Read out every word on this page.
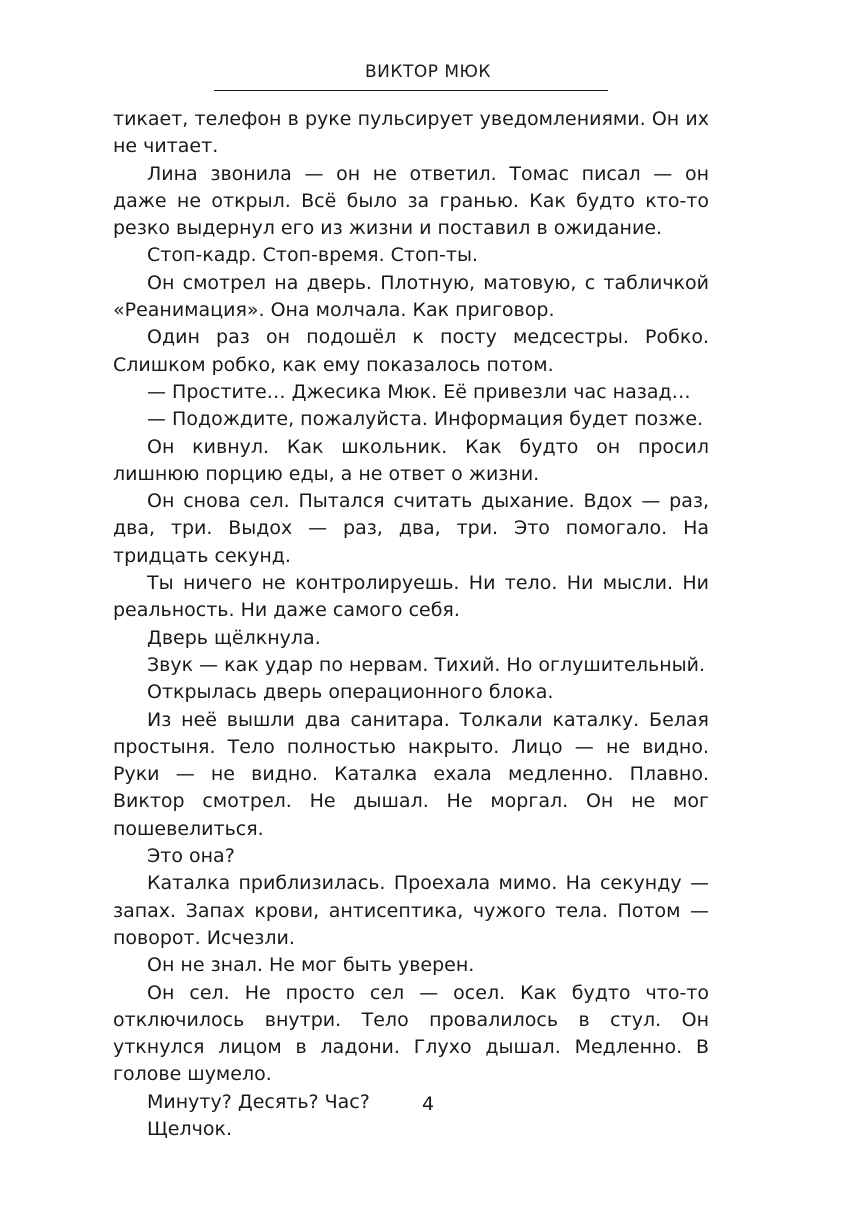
ВИКТОР МЮК

тикает, телефон в руке пульсирует уведомлениями. Он их не читает.

Лина звонила — он не ответил. Томас писал — он даже не открыл. Всё было за гранью. Как будто кто-то резко выдернул его из жизни и поставил в ожидание.

Стоп-кадр. Стоп-время. Стоп-ты.

Он смотрел на дверь. Плотную, матовую, с табличкой «Реанимация». Она молчала. Как приговор.

Один раз он подошёл к посту медсестры. Робко. Слишком робко, как ему показалось потом.

— Простите… Джесика Мюк. Её привезли час назад…

— Подождите, пожалуйста. Информация будет позже.

Он кивнул. Как школьник. Как будто он просил лишнюю порцию еды, а не ответ о жизни.

Он снова сел. Пытался считать дыхание. Вдох — раз, два, три. Выдох — раз, два, три. Это помогало. На тридцать секунд.

Ты ничего не контролируешь. Ни тело. Ни мысли. Ни реальность. Ни даже самого себя.

Дверь щёлкнула.

Звук — как удар по нервам. Тихий. Но оглушительный.

Открылась дверь операционного блока.

Из неё вышли два санитара. Толкали каталку. Белая простыня. Тело полностью накрыто. Лицо — не видно. Руки — не видно. Каталка ехала медленно. Плавно. Виктор смотрел. Не дышал. Не моргал. Он не мог пошевелиться.

Это она?

Каталка приблизилась. Проехала мимо. На секунду — запах. Запах крови, антисептика, чужого тела. Потом — поворот. Исчезли.

Он не знал. Не мог быть уверен.

Он сел. Не просто сел — осел. Как будто что-то отключилось внутри. Тело провалилось в стул. Он уткнулся лицом в ладони. Глухо дышал. Медленно. В голове шумело.

Минуту? Десять? Час?

Щелчок.

4
